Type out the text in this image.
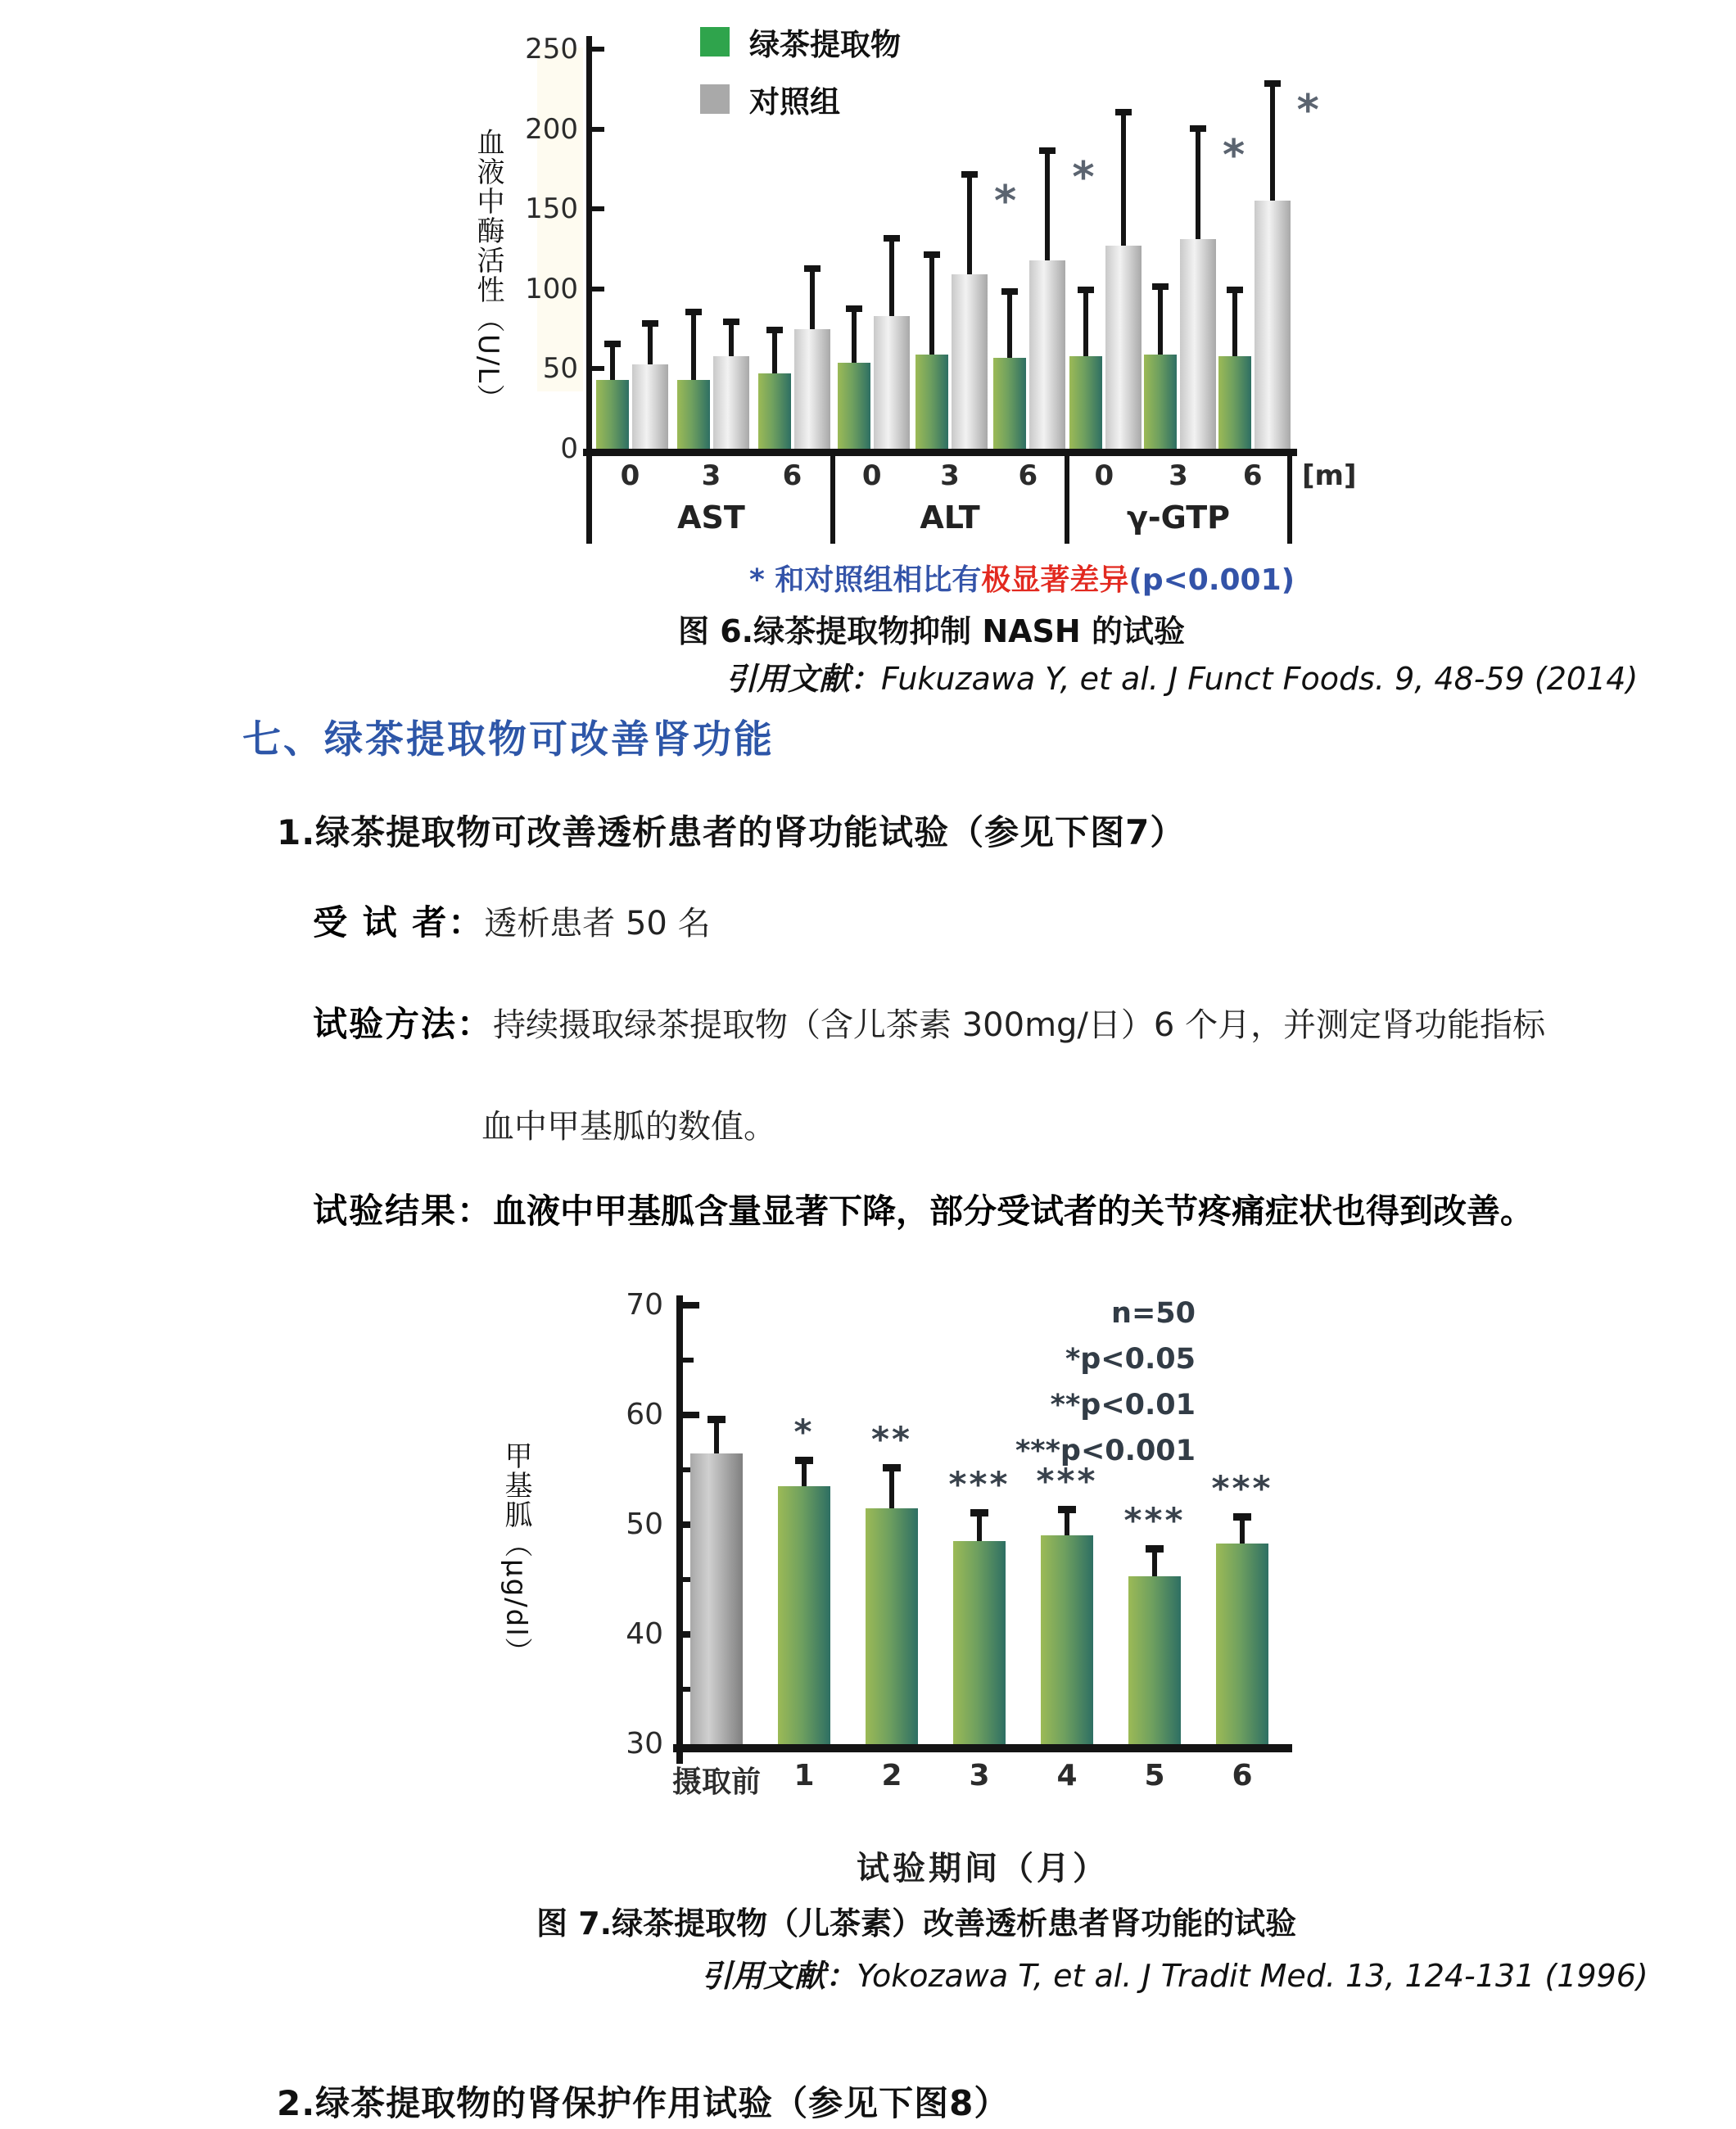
血液中酶活性（U/L）
绿茶提取物
对照组
0
50
100
150
200
250
AST
0	3	6
ALT
0	3
*
6
*
γ-GTP
0	3
*
6
*
[m]
* 和对照组相比有极显著差异(p<0.001)
图 6.绿茶提取物抑制 NASH 的试验
引用文献：Fukuzawa Y, et al. J Funct Foods. 9, 48-59 (2014)
七、绿茶提取物可改善肾功能
1.绿茶提取物可改善透析患者的肾功能试验（参见下图7）
受 试 者：透析患者 50 名
试验方法：持续摄取绿茶提取物（含儿茶素 300mg/日）6 个月，并测定肾功能指标
血中甲基胍的数值。
试验结果：血液中甲基胍含量显著下降，部分受试者的关节疼痛症状也得到改善。
甲基胍（μg/dl）
n=50
*p<0.05
**p<0.01
***p<0.001
30
40
50
60
70
摄取前
*
1
**
2
***
3
***
4
***
5
***
6
试验期间（月）
图 7.绿茶提取物（儿茶素）改善透析患者肾功能的试验
引用文献：Yokozawa T, et al. J Tradit Med. 13, 124-131 (1996)
2.绿茶提取物的肾保护作用试验（参见下图8）
